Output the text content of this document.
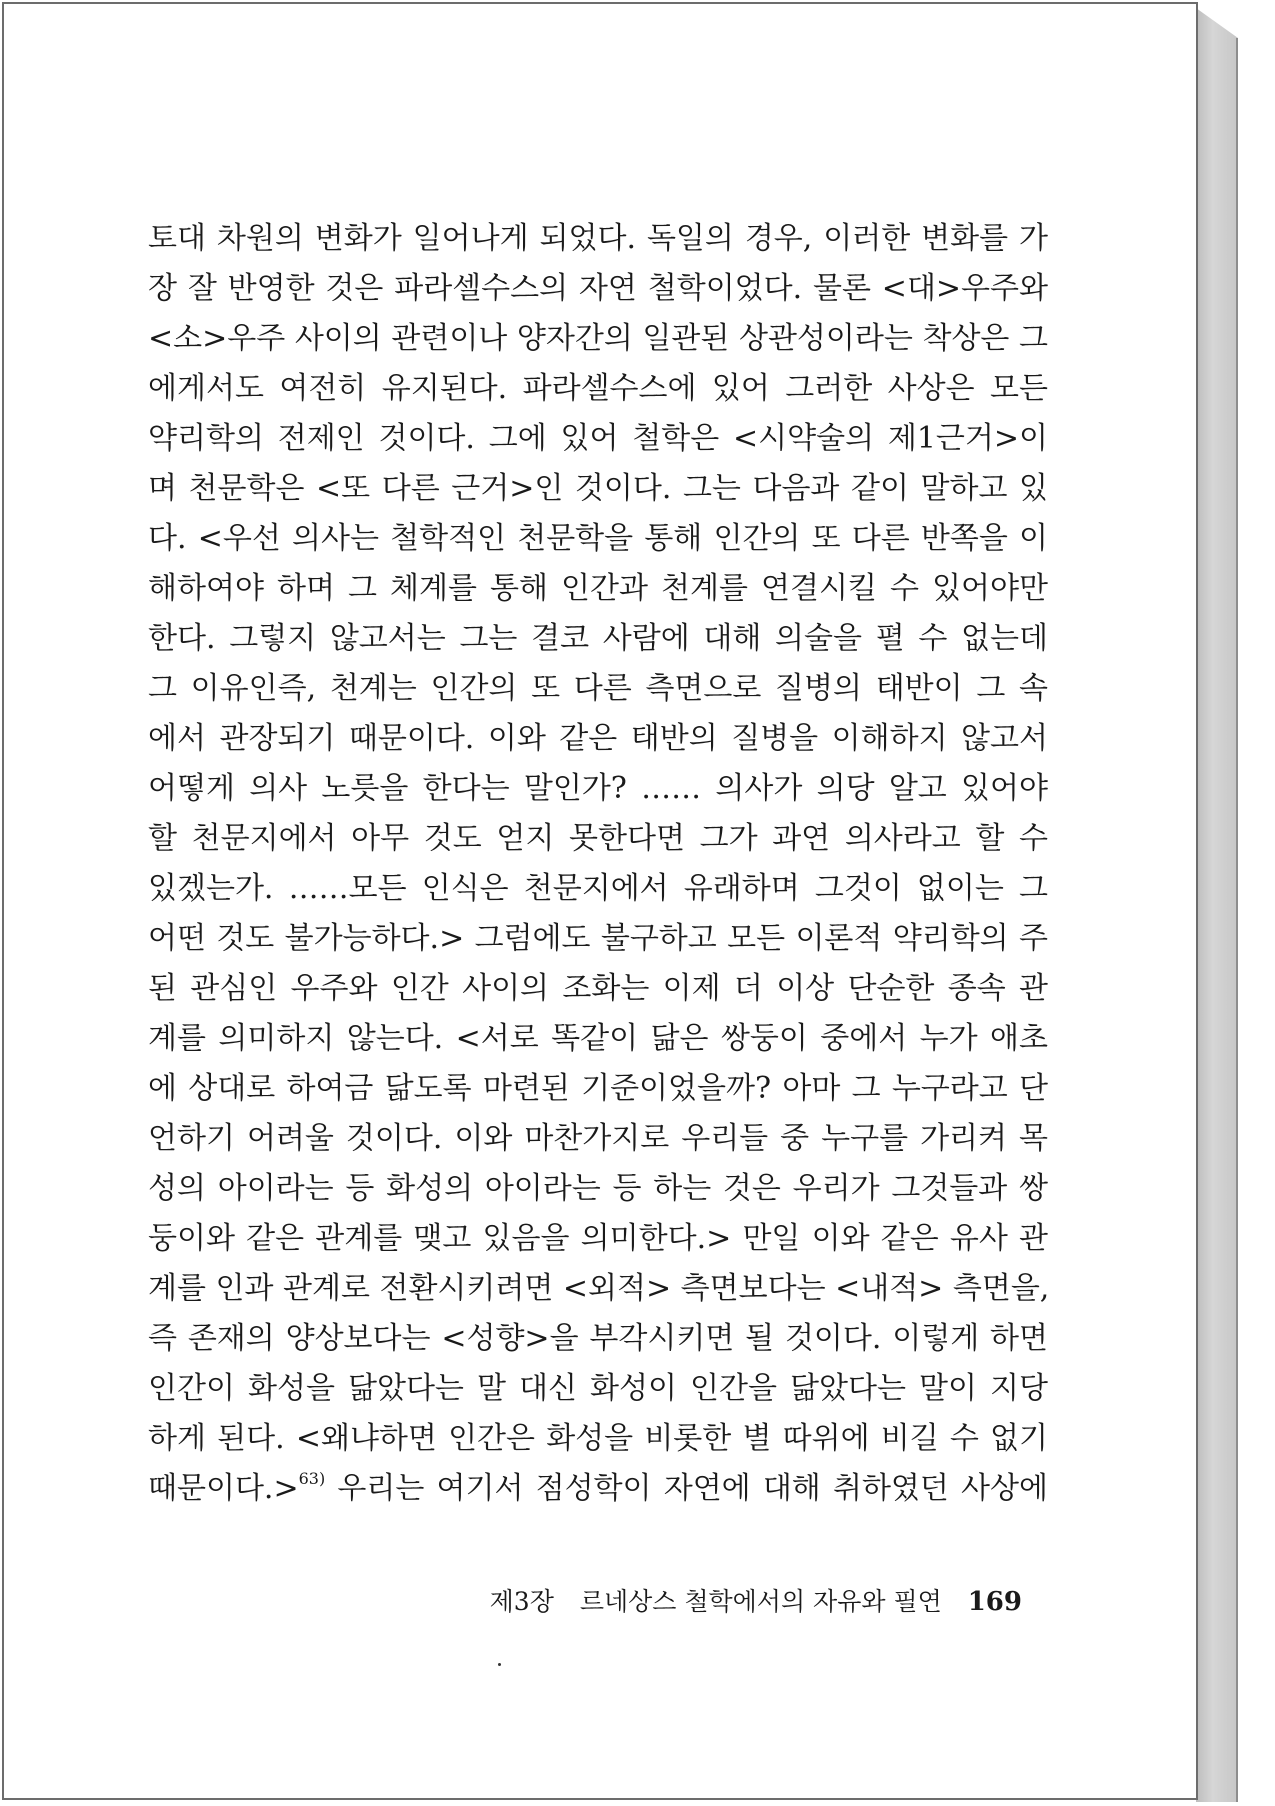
토대 차원의 변화가 일어나게 되었다. 독일의 경우, 이러한 변화를 가
장 잘 반영한 것은 파라셀수스의 자연 철학이었다. 물론 <대>우주와
<소>우주 사이의 관련이나 양자간의 일관된 상관성이라는 착상은 그
에게서도 여전히 유지된다. 파라셀수스에 있어 그러한 사상은 모든
약리학의 전제인 것이다. 그에 있어 철학은 <시약술의 제1근거>이
며 천문학은 <또 다른 근거>인 것이다. 그는 다음과 같이 말하고 있
다. <우선 의사는 철학적인 천문학을 통해 인간의 또 다른 반쪽을 이
해하여야 하며 그 체계를 통해 인간과 천계를 연결시킬 수 있어야만
한다. 그렇지 않고서는 그는 결코 사람에 대해 의술을 펼 수 없는데
그 이유인즉, 천계는 인간의 또 다른 측면으로 질병의 태반이 그 속
에서 관장되기 때문이다. 이와 같은 태반의 질병을 이해하지 않고서
어떻게 의사 노릇을 한다는 말인가? …… 의사가 의당 알고 있어야
할 천문지에서 아무 것도 얻지 못한다면 그가 과연 의사라고 할 수
있겠는가. ……모든 인식은 천문지에서 유래하며 그것이 없이는 그
어떤 것도 불가능하다.> 그럼에도 불구하고 모든 이론적 약리학의 주
된 관심인 우주와 인간 사이의 조화는 이제 더 이상 단순한 종속 관
계를 의미하지 않는다. <서로 똑같이 닮은 쌍둥이 중에서 누가 애초
에 상대로 하여금 닮도록 마련된 기준이었을까? 아마 그 누구라고 단
언하기 어려울 것이다. 이와 마찬가지로 우리들 중 누구를 가리켜 목
성의 아이라는 등 화성의 아이라는 등 하는 것은 우리가 그것들과 쌍
둥이와 같은 관계를 맺고 있음을 의미한다.> 만일 이와 같은 유사 관
계를 인과 관계로 전환시키려면 <외적> 측면보다는 <내적> 측면을,
즉 존재의 양상보다는 <성향>을 부각시키면 될 것이다. 이렇게 하면
인간이 화성을 닮았다는 말 대신 화성이 인간을 닮았다는 말이 지당
하게 된다. <왜냐하면 인간은 화성을 비롯한 별 따위에 비길 수 없기
때문이다.>$^{63)}$ 우리는 여기서 점성학이 자연에 대해 취하였던 사상에
제3장 르네상스 철학에서의 자유와 필연 169
